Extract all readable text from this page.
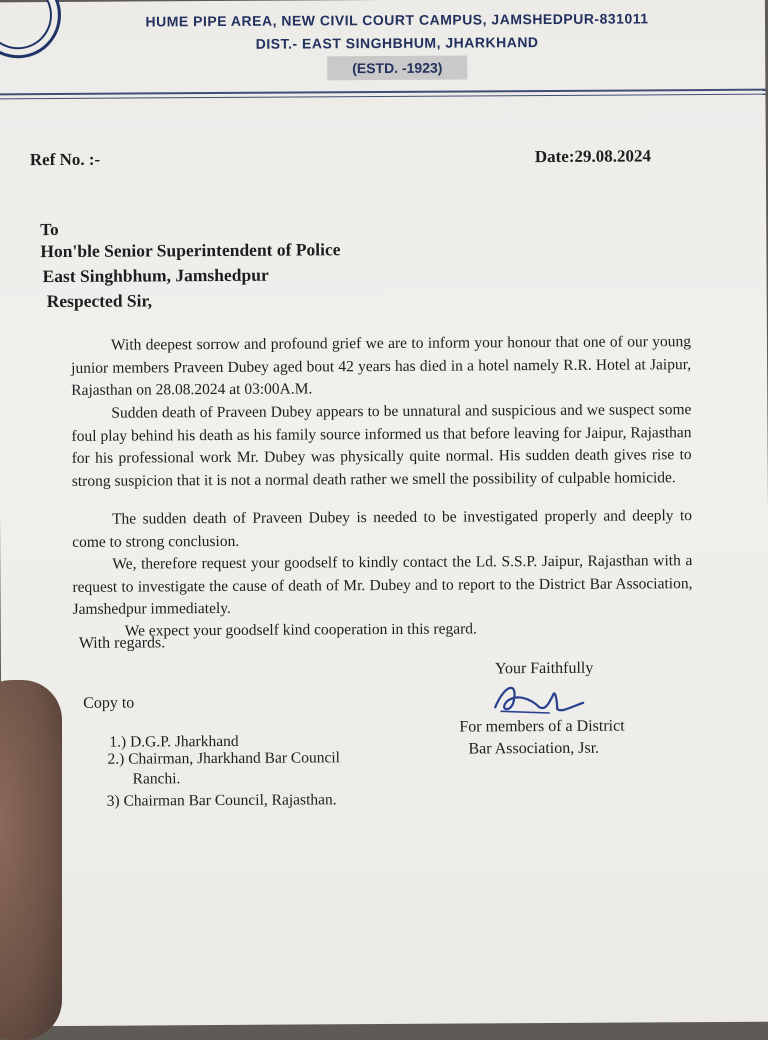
HUME PIPE AREA, NEW CIVIL COURT CAMPUS, JAMSHEDPUR-831011
DIST.- EAST SINGHBHUM, JHARKHAND
(ESTD. -1923)
Ref No. :-	Date:29.08.2024
To
Hon'ble Senior Superintendent of Police
East Singhbhum, Jamshedpur
Respected Sir,
With deepest sorrow and profound grief we are to inform your honour that one of our young junior members Praveen Dubey aged bout 42 years has died in a hotel namely R.R. Hotel at Jaipur, Rajasthan on 28.08.2024 at 03:00A.M.
Sudden death of Praveen Dubey appears to be unnatural and suspicious and we suspect some foul play behind his death as his family source informed us that before leaving for Jaipur, Rajasthan for his professional work Mr. Dubey was physically quite normal. His sudden death gives rise to strong suspicion that it is not a normal death rather we smell the possibility of culpable homicide.
The sudden death of Praveen Dubey is needed to be investigated properly and deeply to come to strong conclusion.
We, therefore request your goodself to kindly contact the Ld. S.S.P. Jaipur, Rajasthan with a request to investigate the cause of death of Mr. Dubey and to report to the District Bar Association, Jamshedpur immediately.
We expect your goodself kind cooperation in this regard.
With regards.
Your Faithfully
For members of a District
Bar Association, Jsr.
Copy to
1.) D.G.P. Jharkhand
2.) Chairman, Jharkhand Bar Council
Ranchi.
3) Chairman Bar Council, Rajasthan.
